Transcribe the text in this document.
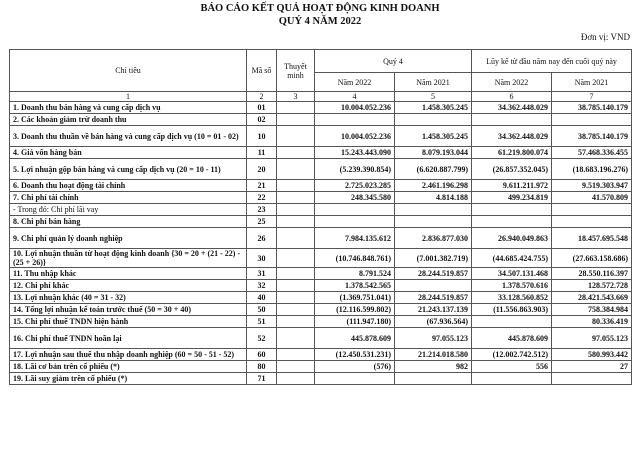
BÁO CÁO KẾT QUẢ HOẠT ĐỘNG KINH DOANH
QUÝ 4 NĂM 2022
Đơn vị: VND
Chỉ tiêu	Mã số	Thuyết minh	Quý 4		Lũy kế từ đầu năm nay đến cuối quý này	
			Năm 2022	Năm 2021	Năm 2022	Năm 2021
1	2	3	4	5	6	7
1. Doanh thu bán hàng và cung cấp dịch vụ	01		10.004.052.236	1.458.305.245	34.362.448.029	38.785.140.179
2. Các khoản giảm trừ doanh thu	02					
3. Doanh thu thuần về bán hàng và cung cấp dịch vụ (10 = 01 - 02)	10		10.004.052.236	1.458.305.245	34.362.448.029	38.785.140.179
4. Giá vốn hàng bán	11		15.243.443.090	8.079.193.044	61.219.800.074	57.468.336.455
5. Lợi nhuận gộp bán hàng và cung cấp dịch vụ (20 = 10 - 11)	20		(5.239.390.854)	(6.620.887.799)	(26.857.352.045)	(18.683.196.276)
6. Doanh thu hoạt động tài chính	21		2.725.023.285	2.461.196.298	9.611.211.972	9.519.303.947
7. Chi phí tài chính	22		248.345.580	4.814.188	499.234.819	41.570.809
- Trong đó: Chi phí lãi vay	23					
8. Chi phí bán hàng	25					
9. Chi phí quản lý doanh nghiệp	26		7.984.135.612	2.836.877.030	26.940.049.863	18.457.695.548
10. Lợi nhuận thuần từ hoạt động kinh doanh {30 = 20 + (21 - 22) - (25 + 26)}	30		(10.746.848.761)	(7.001.382.719)	(44.685.424.755)	(27.663.158.686)
11. Thu nhập khác	31		8.791.524	28.244.519.857	34.507.131.468	28.550.116.397
12. Chi phí khác	32		1.378.542.565		1.378.570.616	128.572.728
13. Lợi nhuận khác (40 = 31 - 32)	40		(1.369.751.041)	28.244.519.857	33.128.560.852	28.421.543.669
14. Tổng lợi nhuận kế toán trước thuế (50 = 30 + 40)	50		(12.116.599.802)	21.243.137.139	(11.556.863.903)	758.384.984
15. Chi phí thuế TNDN hiện hành	51		(111.947.180)	(67.936.564)		80.336.419
16. Chi phí thuế TNDN hoãn lại	52		445.878.609	97.055.123	445.878.609	97.055.123
17. Lợi nhuận sau thuế thu nhập doanh nghiệp (60 = 50 - 51 - 52)	60		(12.450.531.231)	21.214.018.580	(12.002.742.512)	580.993.442
18. Lãi cơ bản trên cổ phiếu (*)	80		(576)	982	556	27
19. Lãi suy giảm trên cổ phiếu (*)	71					
